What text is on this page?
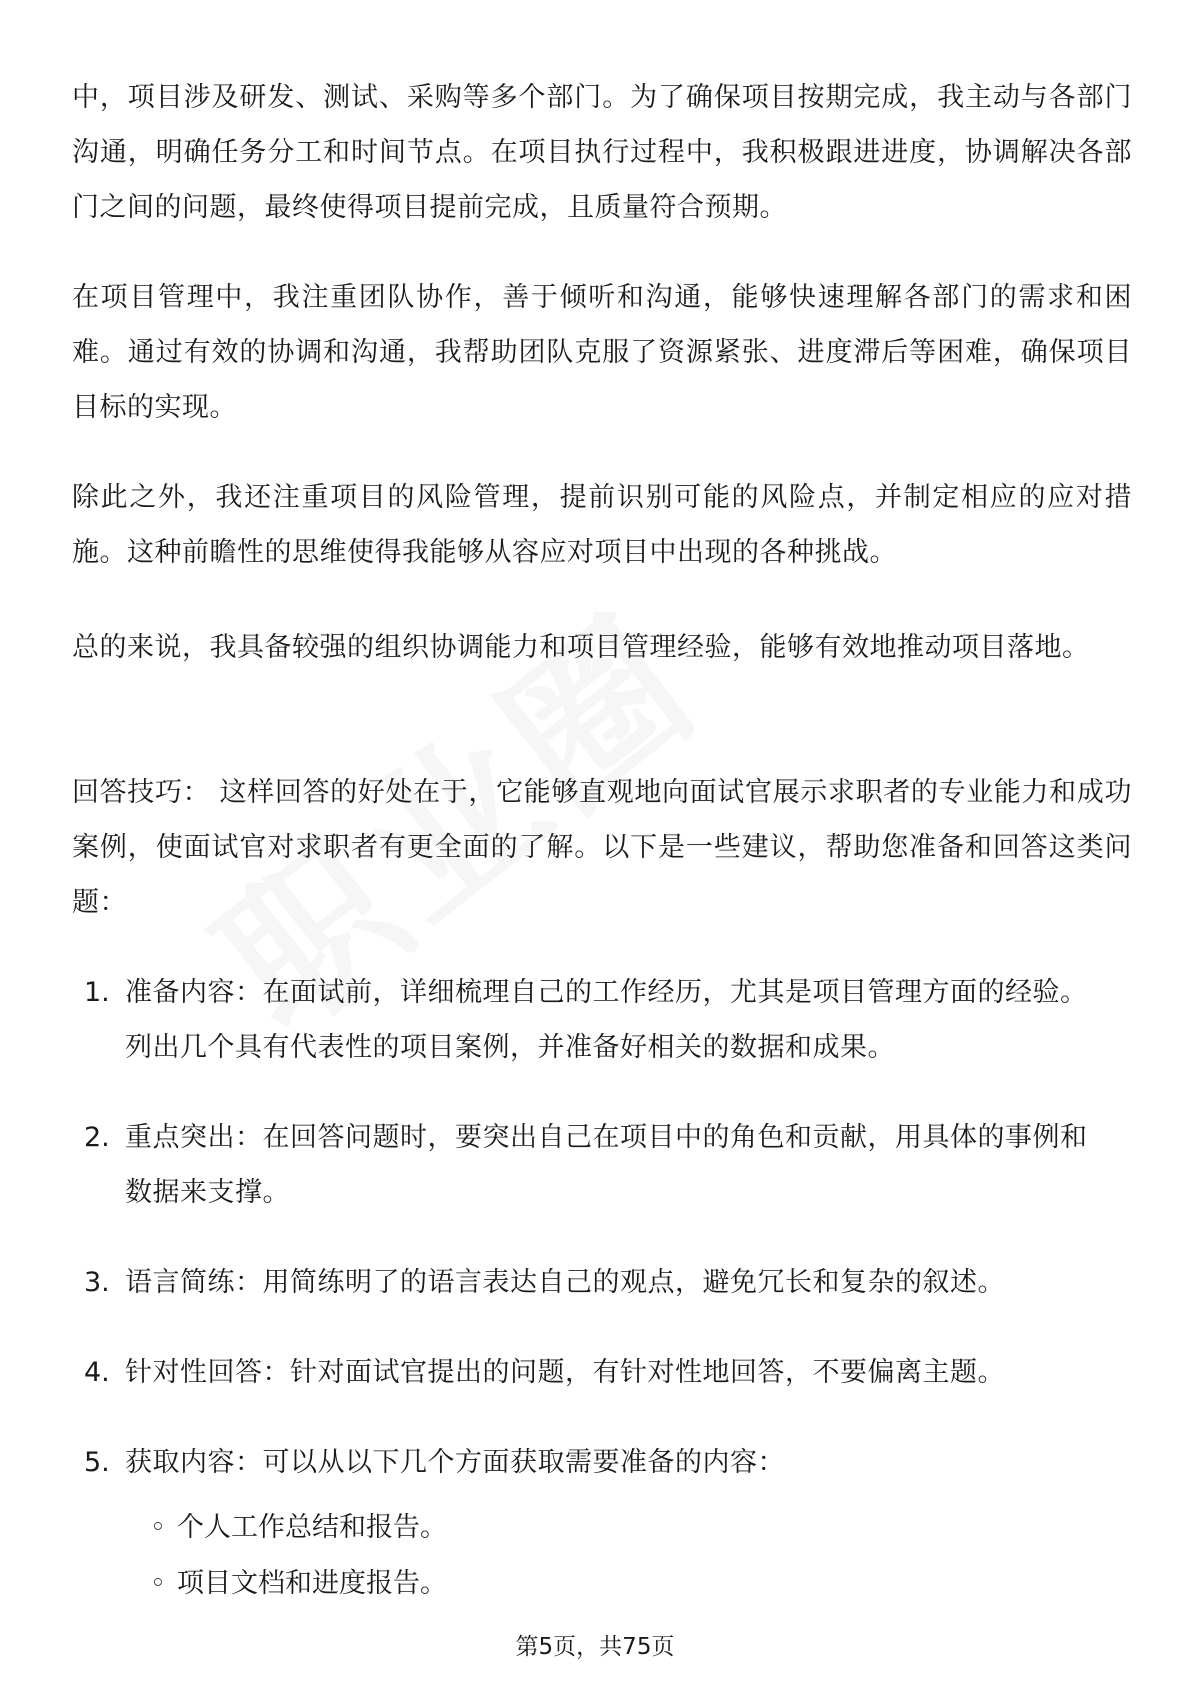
中，项目涉及研发、测试、采购等多个部门。为了确保项目按期完成，我主动与各部门沟通，明确任务分工和时间节点。在项目执行过程中，我积极跟进进度，协调解决各部门之间的问题，最终使得项目提前完成，且质量符合预期。

在项目管理中，我注重团队协作，善于倾听和沟通，能够快速理解各部门的需求和困难。通过有效的协调和沟通，我帮助团队克服了资源紧张、进度滞后等困难，确保项目目标的实现。

除此之外，我还注重项目的风险管理，提前识别可能的风险点，并制定相应的应对措施。这种前瞻性的思维使得我能够从容应对项目中出现的各种挑战。

总的来说，我具备较强的组织协调能力和项目管理经验，能够有效地推动项目落地。

回答技巧： 这样回答的好处在于，它能够直观地向面试官展示求职者的专业能力和成功案例，使面试官对求职者有更全面的了解。以下是一些建议，帮助您准备和回答这类问题：

1. 准备内容：在面试前，详细梳理自己的工作经历，尤其是项目管理方面的经验。列出几个具有代表性的项目案例，并准备好相关的数据和成果。
2. 重点突出：在回答问题时，要突出自己在项目中的角色和贡献，用具体的事例和数据来支撑。
3. 语言简练：用简练明了的语言表达自己的观点，避免冗长和复杂的叙述。
4. 针对性回答：针对面试官提出的问题，有针对性地回答，不要偏离主题。
5. 获取内容：可以从以下几个方面获取需要准备的内容：
◦ 个人工作总结和报告。
◦ 项目文档和进度报告。
第5页，共75页
